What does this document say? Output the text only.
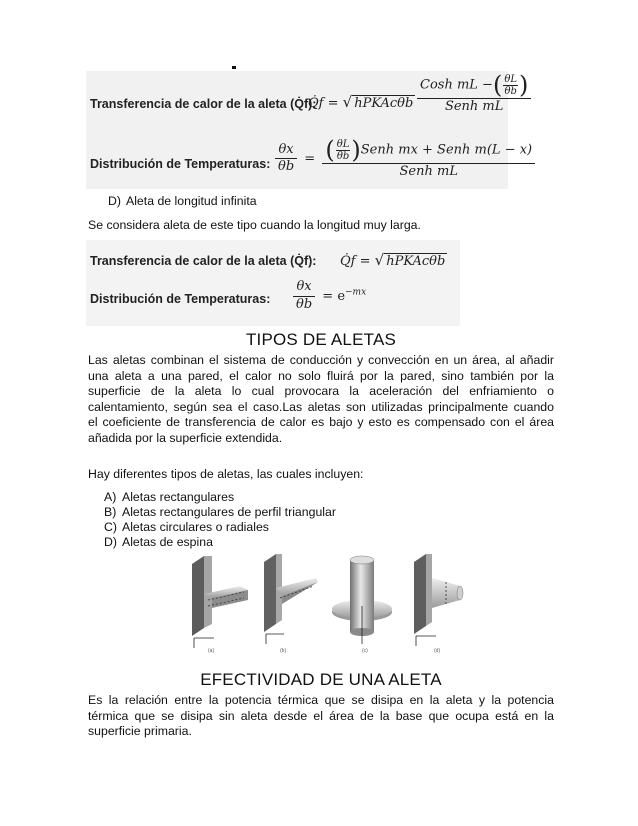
Transferencia de calor de la aleta (Q̇f):
Q̇f = √ hPKAcθb $\frac{Cosh mL -( \frac{\theta L}{\theta b} )}{\text{Senh mL}}$
Distribución de Temperaturas: $\frac{\theta x}{\theta b} = \frac{( \frac{\theta L}{\theta b} )Senh mx + Senh m(L - x)}{\text{Senh mL}}$
D) Aleta de longitud infinita
Se considera aleta de este tipo cuando la longitud muy larga.
Transferencia de calor de la aleta (Q̇f): Q̇f = √ hPKAcθb
Distribución de Temperaturas: $\frac{\theta x}{\theta b} = e^{-mx}$
TIPOS DE ALETAS
Las aletas combinan el sistema de conducción y convección en un área, al añadir
una aleta a una pared, el calor no solo fluirá por la pared, sino también por la
superficie de la aleta lo cual provocara la aceleración del enfriamiento o
calentamiento, según sea el caso.Las aletas son utilizadas principalmente cuando
el coeficiente de transferencia de calor es bajo y esto es compensado con el área
añadida por la superficie extendida.
Hay diferentes tipos de aletas, las cuales incluyen:
A) Aletas rectangulares
B) Aletas rectangulares de perfil triangular
C) Aletas circulares o radiales
D) Aletas de espina
(a)	(b)	(c)	(d)
EFECTIVIDAD DE UNA ALETA
Es la relación entre la potencia térmica que se disipa en la aleta y la potencia
térmica que se disipa sin aleta desde el área de la base que ocupa está en la
superficie primaria.
